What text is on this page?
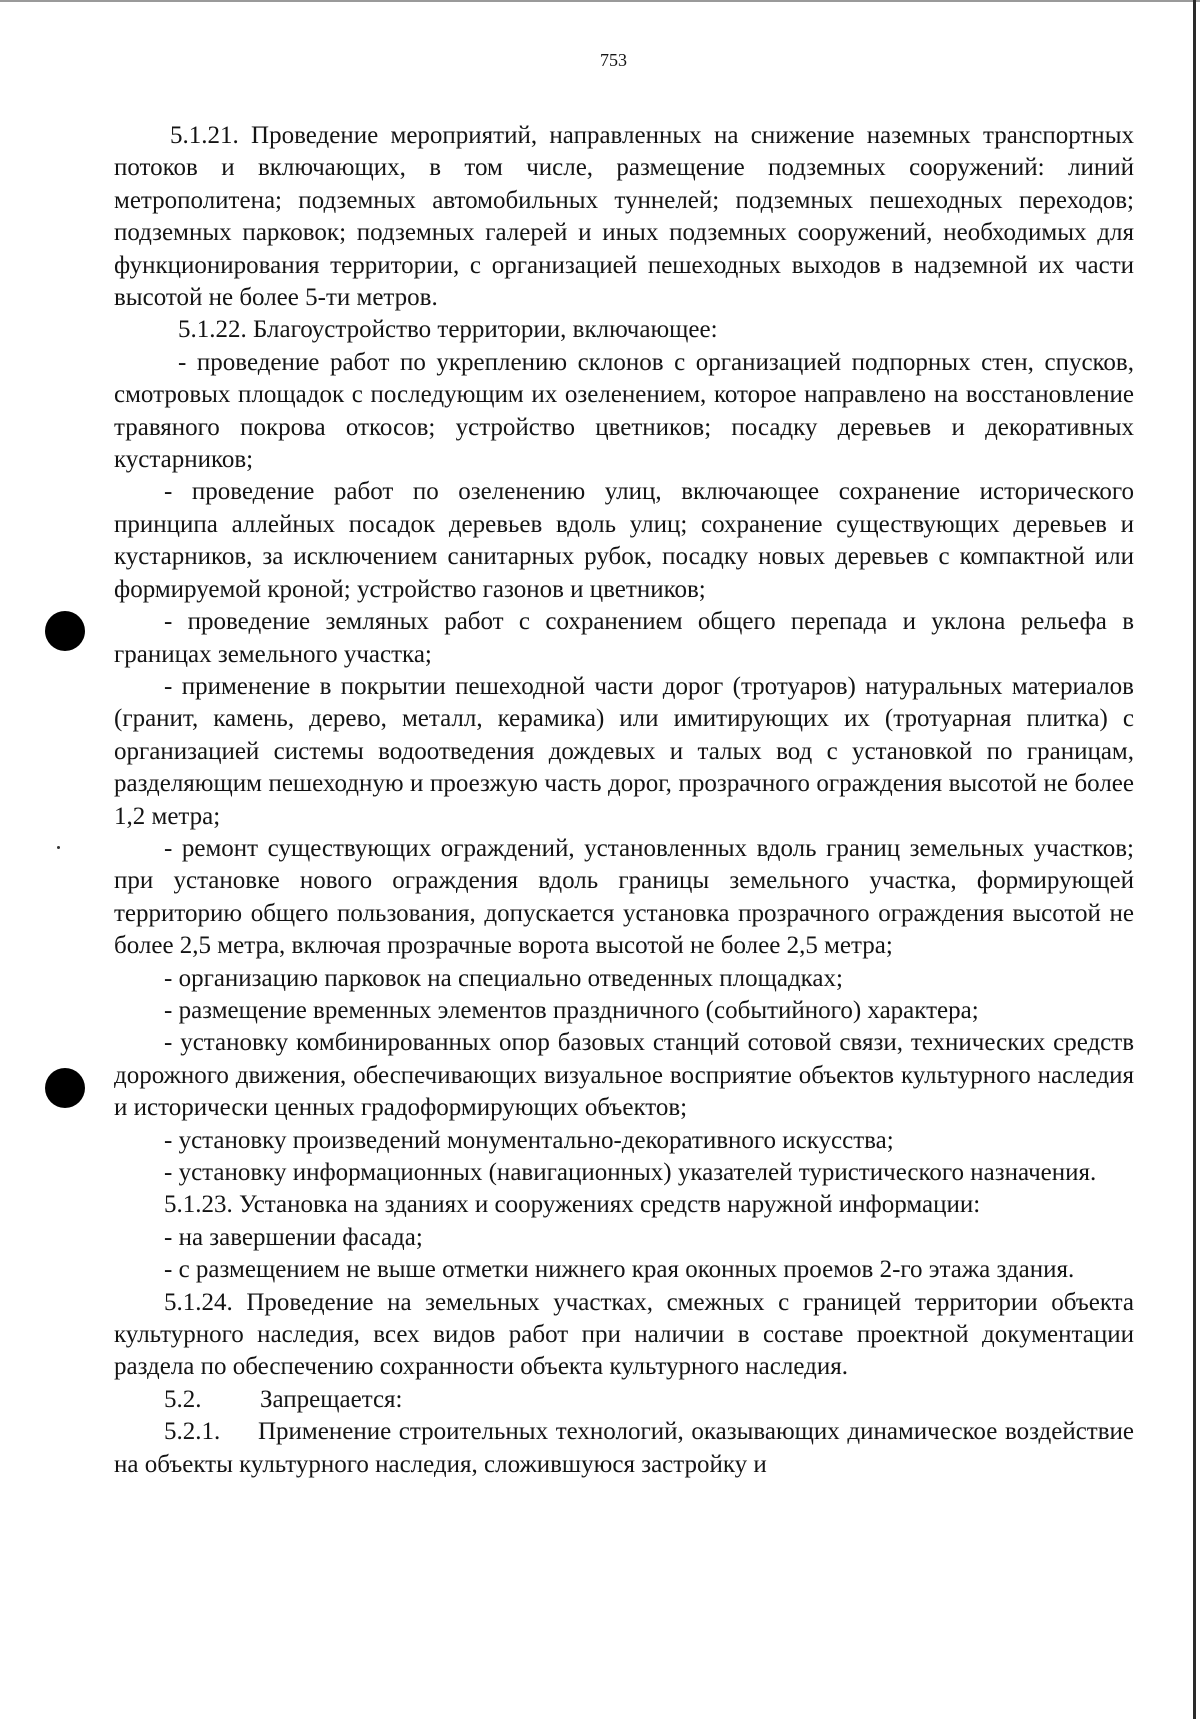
753

5.1.21. Проведение мероприятий, направленных на снижение наземных транспортных потоков и включающих, в том числе, размещение подземных сооружений: линий метрополитена; подземных автомобильных туннелей; подземных пешеходных переходов; подземных парковок; подземных галерей и иных подземных сооружений, необходимых для функционирования территории, с организацией пешеходных выходов в надземной их части высотой не более 5-ти метров.

5.1.22. Благоустройство территории, включающее:

- проведение работ по укреплению склонов с организацией подпорных стен, спусков, смотровых площадок с последующим их озеленением, которое направлено на восстановление травяного покрова откосов; устройство цветников; посадку деревьев и декоративных кустарников;

- проведение работ по озеленению улиц, включающее сохранение исторического принципа аллейных посадок деревьев вдоль улиц; сохранение существующих деревьев и кустарников, за исключением санитарных рубок, посадку новых деревьев с компактной или формируемой кроной; устройство газонов и цветников;

- проведение земляных работ с сохранением общего перепада и уклона рельефа в границах земельного участка;

- применение в покрытии пешеходной части дорог (тротуаров) натуральных материалов (гранит, камень, дерево, металл, керамика) или имитирующих их (тротуарная плитка) с организацией системы водоотведения дождевых и талых вод с установкой по границам, разделяющим пешеходную и проезжую часть дорог, прозрачного ограждения высотой не более 1,2 метра;

- ремонт существующих ограждений, установленных вдоль границ земельных участков; при установке нового ограждения вдоль границы земельного участка, формирующей территорию общего пользования, допускается установка прозрачного ограждения высотой не более 2,5 метра, включая прозрачные ворота высотой не более 2,5 метра;

- организацию парковок на специально отведенных площадках;

- размещение временных элементов праздничного (событийного) характера;

- установку комбинированных опор базовых станций сотовой связи, технических средств дорожного движения, обеспечивающих визуальное восприятие объектов культурного наследия и исторически ценных градоформирующих объектов;

- установку произведений монументально-декоративного искусства;

- установку информационных (навигационных) указателей туристического назначения.

5.1.23. Установка на зданиях и сооружениях средств наружной информации:

- на завершении фасада;

- с размещением не выше отметки нижнего края оконных проемов 2-го этажа здания.

5.1.24. Проведение на земельных участках, смежных с границей территории объекта культурного наследия, всех видов работ при наличии в составе проектной документации раздела по обеспечению сохранности объекта культурного наследия.

5.2. Запрещается:

5.2.1. Применение строительных технологий, оказывающих динамическое воздействие на объекты культурного наследия, сложившуюся застройку и
